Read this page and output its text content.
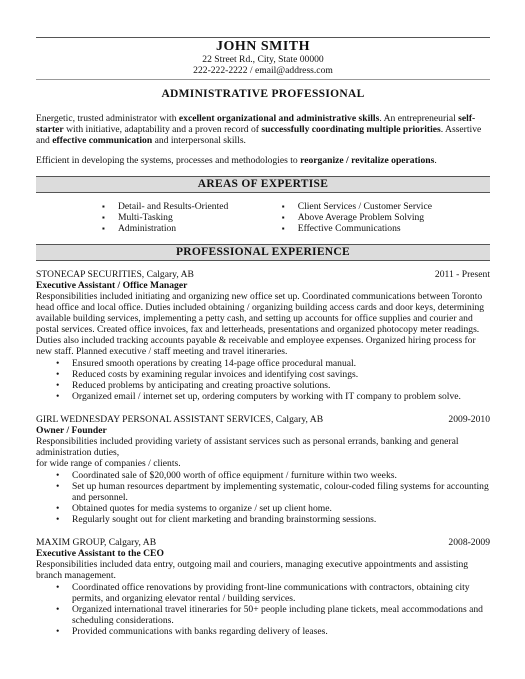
JOHN SMITH
22 Street Rd., City, State 00000
222-222-2222 / email@address.com
ADMINISTRATIVE PROFESSIONAL

Energetic, trusted administrator with excellent organizational and administrative skills. An entrepreneurial self-starter with initiative, adaptability and a proven record of successfully coordinating multiple priorities. Assertive and effective communication and interpersonal skills.

Efficient in developing the systems, processes and methodologies to reorganize / revitalize operations.

AREAS OF EXPERTISE
▪ Detail- and Results-Oriented
▪ Multi-Tasking
▪ Administration
▪ Client Services / Customer Service
▪ Above Average Problem Solving
▪ Effective Communications
PROFESSIONAL EXPERIENCE
STONECAP SECURITIES, Calgary, AB	2011 - Present
Executive Assistant / Office Manager

Responsibilities included initiating and organizing new office set up. Coordinated communications between Toronto head office and local office. Duties included obtaining / organizing building access cards and door keys, determining available building services, implementing a petty cash, and setting up accounts for office supplies and courier and postal services. Created office invoices, fax and letterheads, presentations and organized photocopy meter readings. Duties also included tracking accounts payable & receivable and employee expenses. Organized hiring process for new staff. Planned executive / staff meeting and travel itineraries.

• Ensured smooth operations by creating 14-page office procedural manual.
• Reduced costs by examining regular invoices and identifying cost savings.
• Reduced problems by anticipating and creating proactive solutions.
• Organized email / internet set up, ordering computers by working with IT company to problem solve.
GIRL WEDNESDAY PERSONAL ASSISTANT SERVICES, Calgary, AB	2009-2010
Owner / Founder

Responsibilities included providing variety of assistant services such as personal errands, banking and general administration duties,

for wide range of companies / clients.

• Coordinated sale of $20,000 worth of office equipment / furniture within two weeks.
• Set up human resources department by implementing systematic, colour-coded filing systems for accounting and personnel.
• Obtained quotes for media systems to organize / set up client home.
• Regularly sought out for client marketing and branding brainstorming sessions.
MAXIM GROUP, Calgary, AB	2008-2009
Executive Assistant to the CEO

Responsibilities included data entry, outgoing mail and couriers, managing executive appointments and assisting branch management.

• Coordinated office renovations by providing front-line communications with contractors, obtaining city permits, and organizing elevator rental / building services.
• Organized international travel itineraries for 50+ people including plane tickets, meal accommodations and scheduling considerations.
• Provided communications with banks regarding delivery of leases.
